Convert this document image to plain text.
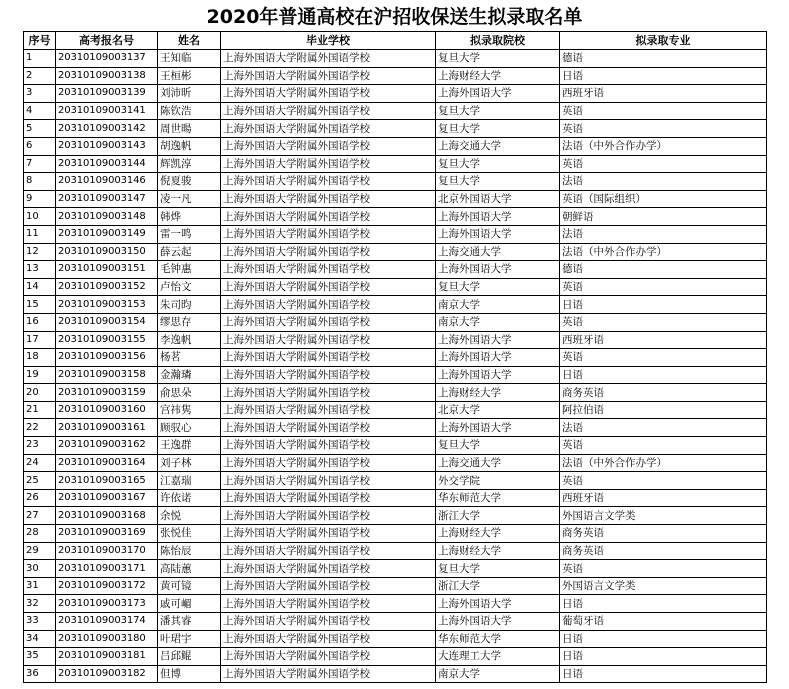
2020年普通高校在沪招收保送生拟录取名单
序号	高考报名号	姓名	毕业学校	拟录取院校	拟录取专业
1	20310109003137	王知临	上海外国语大学附属外国语学校	复旦大学	德语
2	20310109003138	王桓彬	上海外国语大学附属外国语学校	上海财经大学	日语
3	20310109003139	刘沛昕	上海外国语大学附属外国语学校	上海外国语大学	西班牙语
4	20310109003141	陈钦浩	上海外国语大学附属外国语学校	复旦大学	英语
5	20310109003142	周世暘	上海外国语大学附属外国语学校	复旦大学	英语
6	20310109003143	胡逸帆	上海外国语大学附属外国语学校	上海交通大学	法语（中外合作办学）
7	20310109003144	辉凯淳	上海外国语大学附属外国语学校	复旦大学	英语
8	20310109003146	倪夏骏	上海外国语大学附属外国语学校	复旦大学	法语
9	20310109003147	凌一凡	上海外国语大学附属外国语学校	北京外国语大学	英语（国际组织）
10	20310109003148	韩烨	上海外国语大学附属外国语学校	上海外国语大学	朝鲜语
11	20310109003149	雷一鸣	上海外国语大学附属外国语学校	上海外国语大学	法语
12	20310109003150	薛云起	上海外国语大学附属外国语学校	上海交通大学	法语（中外合作办学）
13	20310109003151	毛钟惠	上海外国语大学附属外国语学校	上海外国语大学	德语
14	20310109003152	卢怡文	上海外国语大学附属外国语学校	复旦大学	英语
15	20310109003153	朱司昀	上海外国语大学附属外国语学校	南京大学	日语
16	20310109003154	缪思存	上海外国语大学附属外国语学校	南京大学	英语
17	20310109003155	李逸帆	上海外国语大学附属外国语学校	上海外国语大学	西班牙语
18	20310109003156	杨茗	上海外国语大学附属外国语学校	上海外国语大学	英语
19	20310109003158	金瀚璘	上海外国语大学附属外国语学校	上海外国语大学	日语
20	20310109003159	俞思朵	上海外国语大学附属外国语学校	上海财经大学	商务英语
21	20310109003160	宫祎隽	上海外国语大学附属外国语学校	北京大学	阿拉伯语
22	20310109003161	顾驭心	上海外国语大学附属外国语学校	上海外国语大学	法语
23	20310109003162	王逸群	上海外国语大学附属外国语学校	复旦大学	英语
24	20310109003164	刘子林	上海外国语大学附属外国语学校	上海交通大学	法语（中外合作办学）
25	20310109003165	江嘉瑞	上海外国语大学附属外国语学校	外交学院	英语
26	20310109003167	许依诺	上海外国语大学附属外国语学校	华东师范大学	西班牙语
27	20310109003168	余悦	上海外国语大学附属外国语学校	浙江大学	外国语言文学类
28	20310109003169	张悦佳	上海外国语大学附属外国语学校	上海财经大学	商务英语
29	20310109003170	陈怡辰	上海外国语大学附属外国语学校	上海财经大学	商务英语
30	20310109003171	高陆蕙	上海外国语大学附属外国语学校	复旦大学	英语
31	20310109003172	黄可镜	上海外国语大学附属外国语学校	浙江大学	外国语言文学类
32	20310109003173	戚可嵋	上海外国语大学附属外国语学校	上海外国语大学	日语
33	20310109003174	潘其睿	上海外国语大学附属外国语学校	上海外国语大学	葡萄牙语
34	20310109003180	叶珺宇	上海外国语大学附属外国语学校	华东师范大学	日语
35	20310109003181	吕邱鲲	上海外国语大学附属外国语学校	大连理工大学	日语
36	20310109003182	但博	上海外国语大学附属外国语学校	南京大学	日语
